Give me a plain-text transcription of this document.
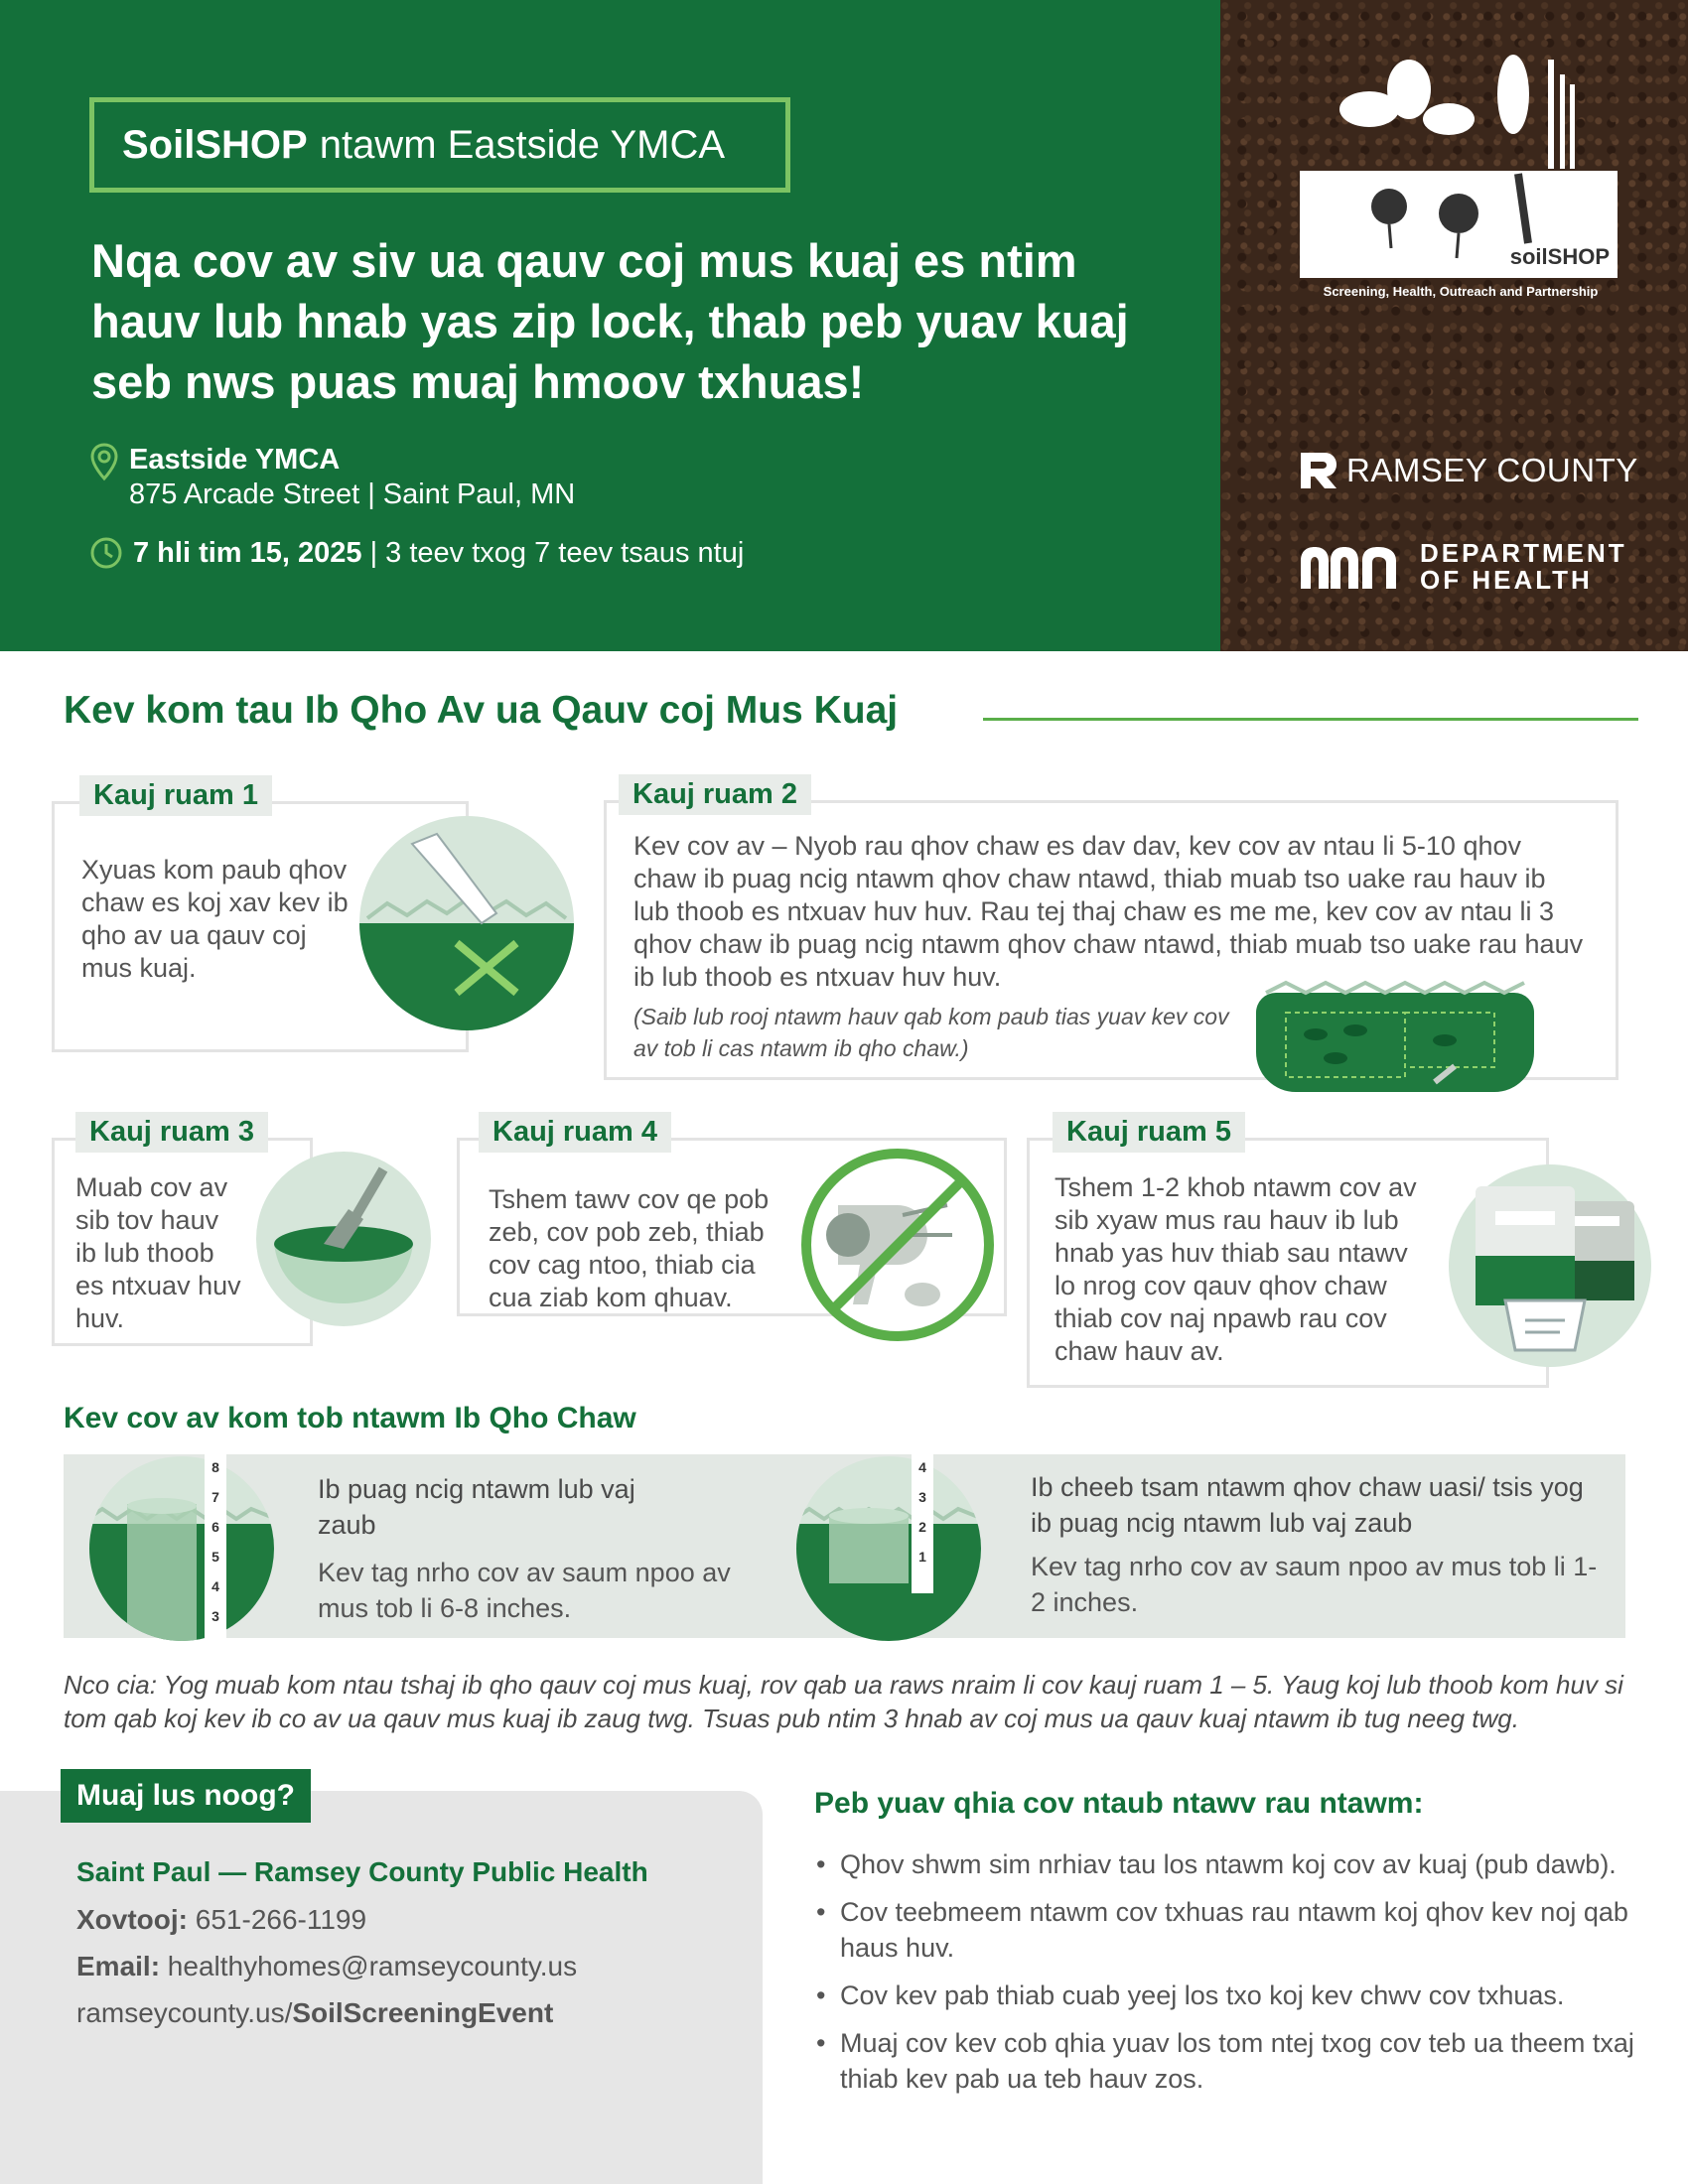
SoilSHOP ntawm Eastside YMCA
Nqa cov av siv ua qauv coj mus kuaj es ntim hauv lub hnab yas zip lock, thab peb yuav kuaj seb nws puas muaj hmoov txhuas!
Eastside YMCA
875 Arcade Street | Saint Paul, MN
7 hli tim 15, 2025 | 3 teev txog 7 teev tsaus ntuj
soilSHOP
Screening, Health, Outreach and Partnership
RAMSEY COUNTY
DEPARTMENT
OF HEALTH
Kev kom tau Ib Qho Av ua Qauv coj Mus Kuaj
Kauj ruam 1
Xyuas kom paub qhov chaw es koj xav kev ib qho av ua qauv coj mus kuaj.
Kauj ruam 2
Kev cov av – Nyob rau qhov chaw es dav dav, kev cov av ntau li 5-10 qhov chaw ib puag ncig ntawm qhov chaw ntawd, thiab muab tso uake rau hauv ib lub thoob es ntxuav huv huv. Rau tej thaj chaw es me me, kev cov av ntau li 3 qhov chaw ib puag ncig ntawm qhov chaw ntawd, thiab muab tso uake rau hauv ib lub thoob es ntxuav huv huv.
(Saib lub rooj ntawm hauv qab kom paub tias yuav kev cov av tob li cas ntawm ib qho chaw.)
Kauj ruam 3
Muab cov av sib tov hauv ib lub thoob es ntxuav huv huv.
Kauj ruam 4
Tshem tawv cov qe pob zeb, cov pob zeb, thiab cov cag ntoo, thiab cia cua ziab kom qhuav.
Kauj ruam 5
Tshem 1-2 khob ntawm cov av sib xyaw mus rau hauv ib lub hnab yas huv thiab sau ntawv lo nrog cov qauv qhov chaw thiab cov naj npawb rau cov chaw hauv av.
Kev cov av kom tob ntawm Ib Qho Chaw
8
7
6
5
4
3
Ib puag ncig ntawm lub vaj zaub
Kev tag nrho cov av saum npoo av mus tob li 6-8 inches.
4
3
2
1
Ib cheeb tsam ntawm qhov chaw uasi/ tsis yog ib puag ncig ntawm lub vaj zaub
Kev tag nrho cov av saum npoo av mus tob li 1-2 inches.
Nco cia: Yog muab kom ntau tshaj ib qho qauv coj mus kuaj, rov qab ua raws nraim li cov kauj ruam 1 – 5. Yaug koj lub thoob kom huv si tom qab koj kev ib co av ua qauv mus kuaj ib zaug twg. Tsuas pub ntim 3 hnab av coj mus ua qauv kuaj ntawm ib tug neeg twg.
Muaj lus noog?
Saint Paul — Ramsey County Public Health
Xovtooj: 651-266-1199
Email: healthyhomes@ramseycounty.us
ramseycounty.us/SoilScreeningEvent
Peb yuav qhia cov ntaub ntawv rau ntawm:
• Qhov shwm sim nrhiav tau los ntawm koj cov av kuaj (pub dawb).
• Cov teebmeem ntawm cov txhuas rau ntawm koj qhov kev noj qab haus huv.
• Cov kev pab thiab cuab yeej los txo koj kev chwv cov txhuas.
• Muaj cov kev cob qhia yuav los tom ntej txog cov teb ua theem txaj thiab kev pab ua teb hauv zos.
